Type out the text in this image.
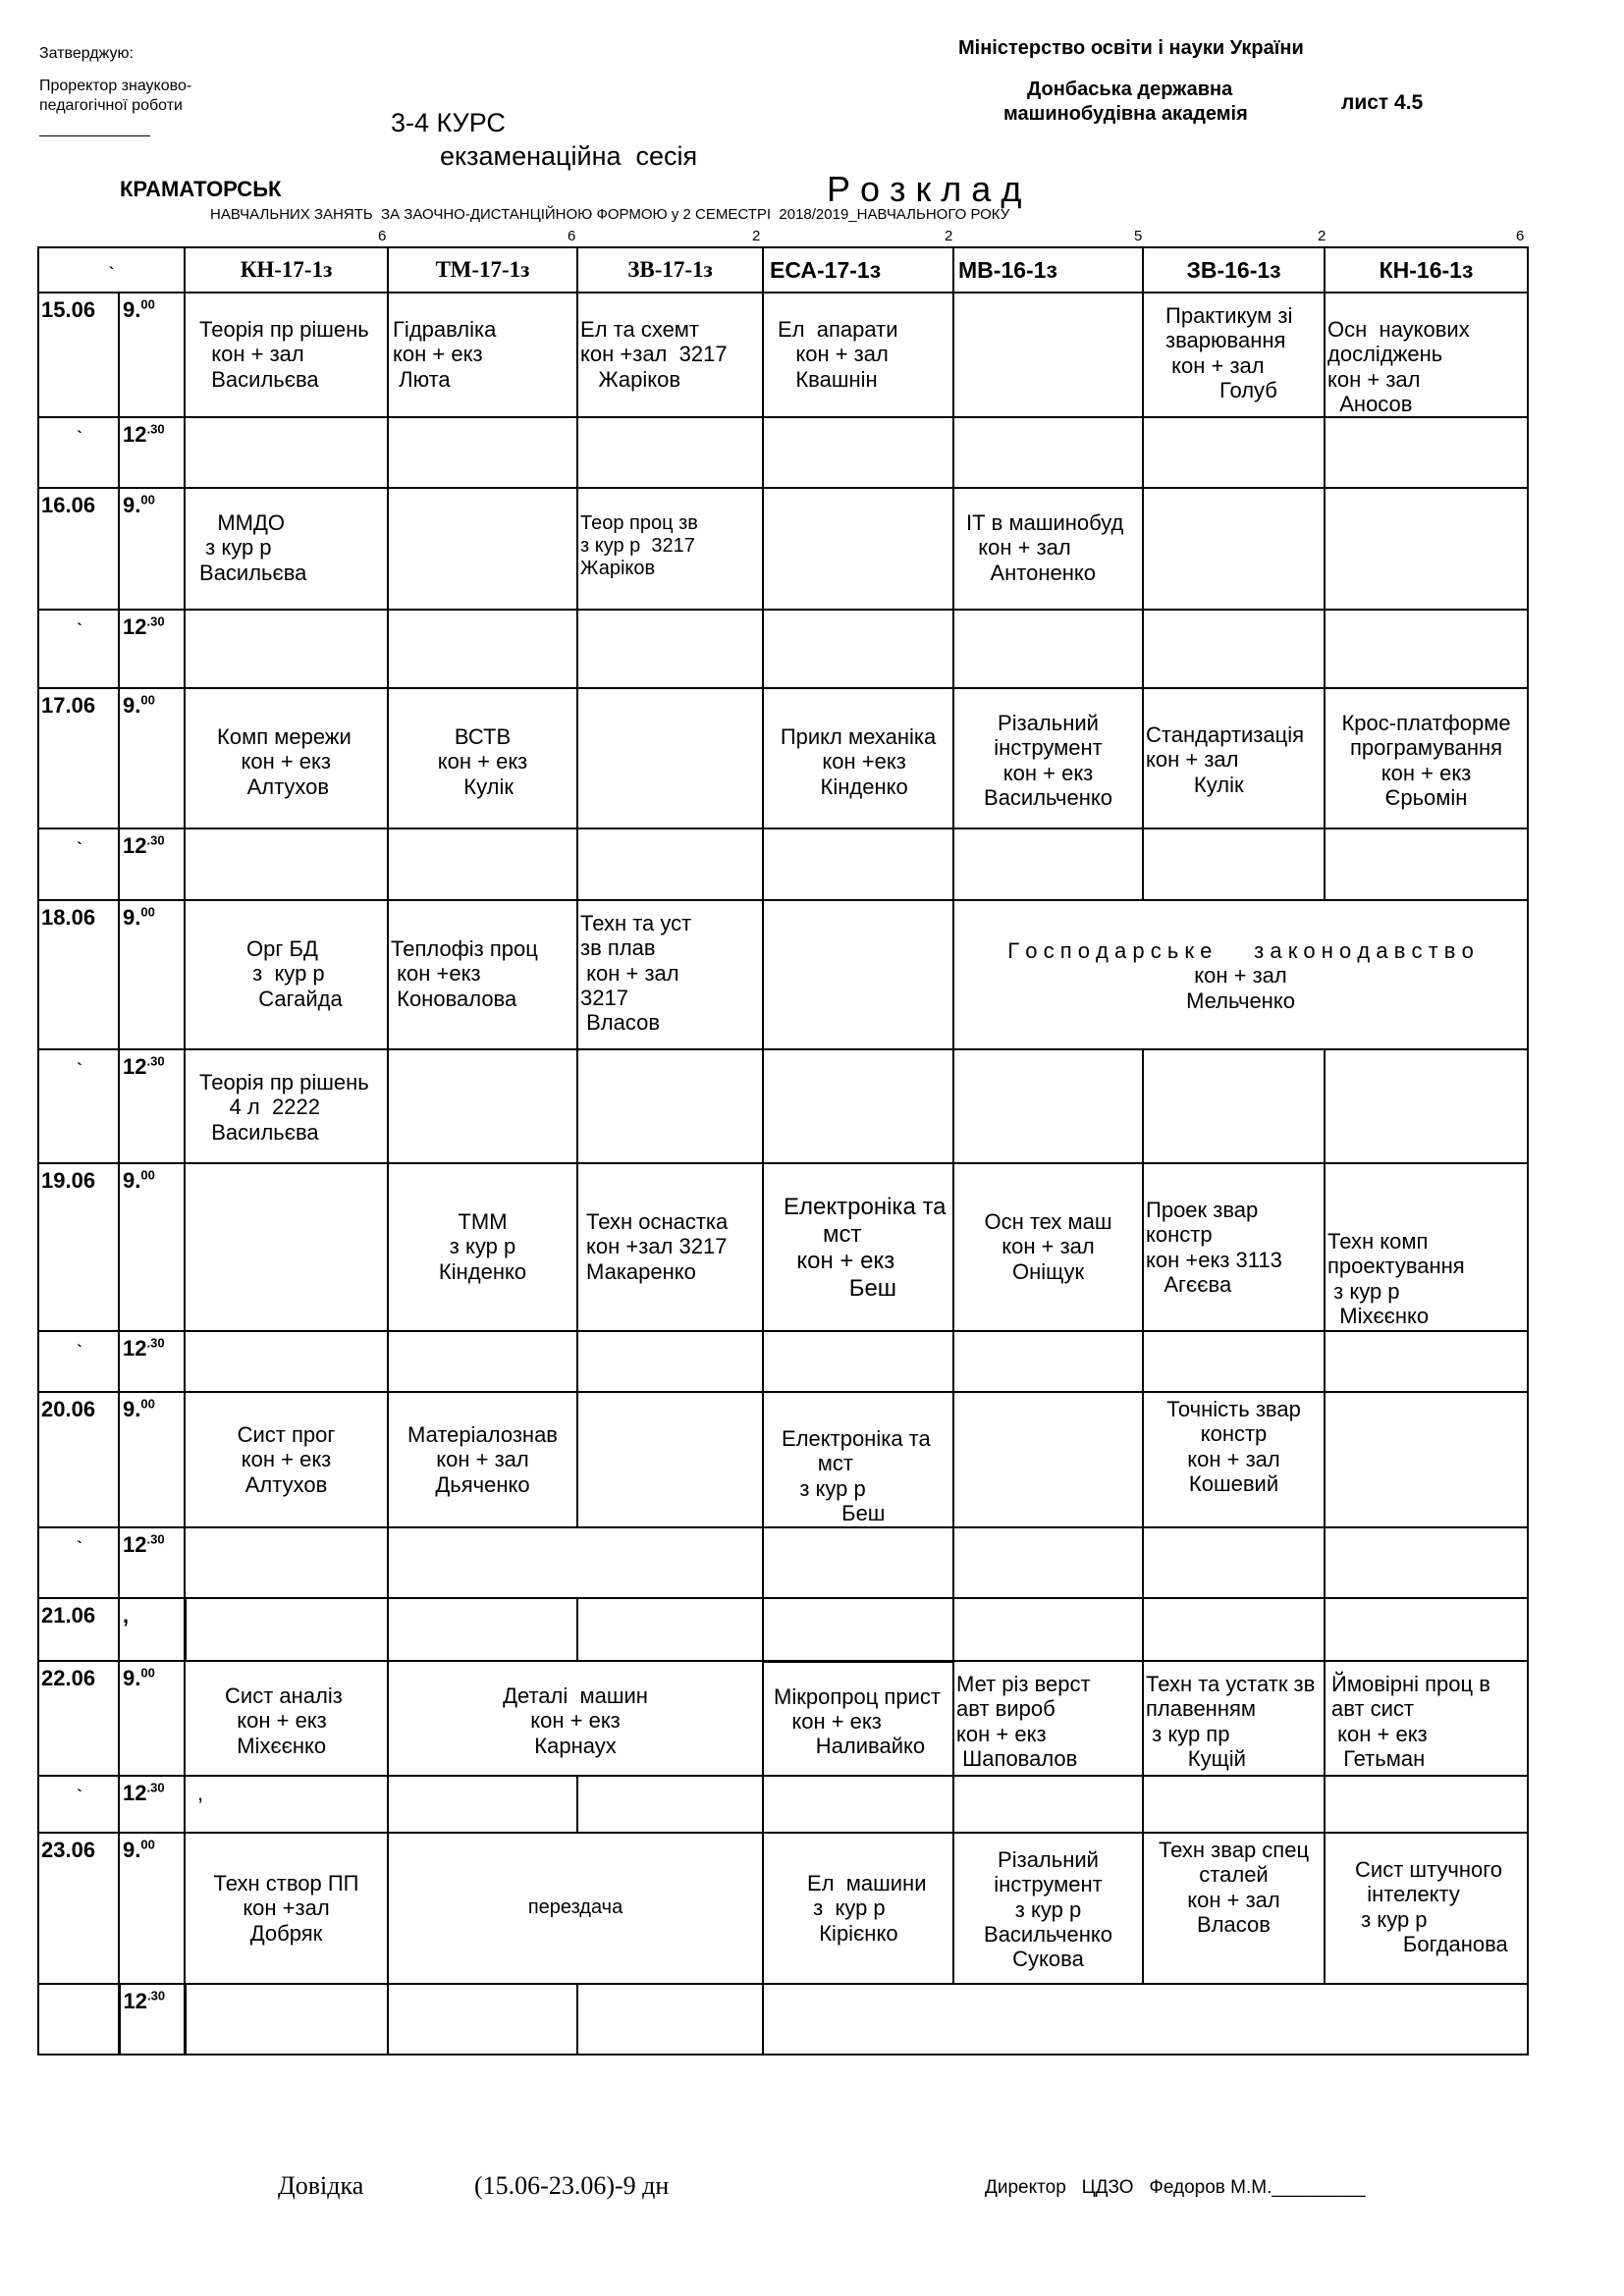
Затверджую:
Проректор знауково-
педагогічної роботи
Міністерство освіти і науки України
Донбаська державна
машинобудівна академія	лист 4.5
3-4 КУРС
екзаменаційна  сесія
КРАМАТОРСЬК	Р о з к л а д
НАВЧАЛЬНИХ ЗАНЯТЬ  ЗА ЗАОЧНО-ДИСТАНЦІЙНОЮ ФОРМОЮ у 2 СЕМЕСТРІ  2018/2019_НАВЧАЛЬНОГО РОКУ
6	6	2	2	5	2	6
`		КН-17-1з	ТМ-17-1з	ЗВ-17-1з	ЕСА-17-1з	МВ-16-1з	ЗВ-16-1з	КН-16-1з
15.06	9.00	Теорія пр рішень
кон + зал
Васильєва	Гідравліка
кон + екз
Люта	Ел та схемт
кон +зал  3217
Жаріков	Ел  апарати
кон + зал
Квашнін		Практикум зі
зварювання
кон + зал
Голуб	Осн  наукових
досліджень
кон + зал
Аносов

`	$12^{.30}$							
16.06	9.00	ММДО
з кур р
Васильєва		Теор проц зв
з кур р  3217
Жаріков		ІТ в машинобуд
кон + зал
Антоненко		

`	$12^{.30}$							
17.06	9.00	Комп мережи
кон + екз
Алтухов	ВСТВ
кон + екз
Кулік		Прикл механіка
кон +екз
Кінденко	Різальний
інструмент
кон + екз
Васильченко	Стандартизація
кон + зал
Кулік	Крос-платформе
програмування
кон + екз
Єрьомін

`	$12^{.30}$							
18.06	9.00	Орг БД
з  кур р
Сагайда	Теплофіз проц
кон +екз
Коновалова	Техн та уст
зв плав
кон + зал
3217
Власов		Г о с п о д а р с ь к е       з а к о н о д а в с т в о
кон + зал
Мельченко		

`	$12^{.30}$	Теорія пр рішень
4 л  2222
Васильєва						

19.06	9.00		ТММ
з кур р
Кінденко	Техн оснастка
кон +зал 3217
Макаренко	Електроніка та
мст
кон + екз
Беш	Осн тех маш
кон + зал
Оніщук	Проек звар
констр
кон +екз 3113
Агєєва	Техн комп
проектування
з кур р
Міхєєнко

`	$12^{.30}$							
20.06	9.00	Сист прог
кон + екз
Алтухов	Матеріалознав
кон + зал
Дьяченко		Електроніка та
мст
з кур р
Беш		Точність звар
констр
кон + зал
Кошевий	

`	$12^{.30}$						
21.06	,							
22.06	9.00	Сист аналіз
кон + екз
Міхєєнко	Деталі  машин
кон + екз
Карнаух		Мікропроц прист
кон + екз
Наливайко	Мет різ верст
авт вироб
кон + екз
Шаповалов	Техн та устатк зв
плавенням
з кур пр
Кущій	Ймовірні проц в
авт сист
кон + екз
Гетьман

`	$12^{.30}$	,						

23.06	9.00	Техн створ ПП
кон +зал
Добряк	перездача		Ел  машини
з  кур р
Кірієнко	Різальний
інструмент
з кур р
Васильченко
Сукова	Техн звар спец
сталей
кон + зал
Власов	Сист штучного
інтелекту
з кур р
Богданова

	$12^{.30}$				
Довідка	(15.06-23.06)-9 дн	Директор   ЦДЗО   Федоров М.М._________
